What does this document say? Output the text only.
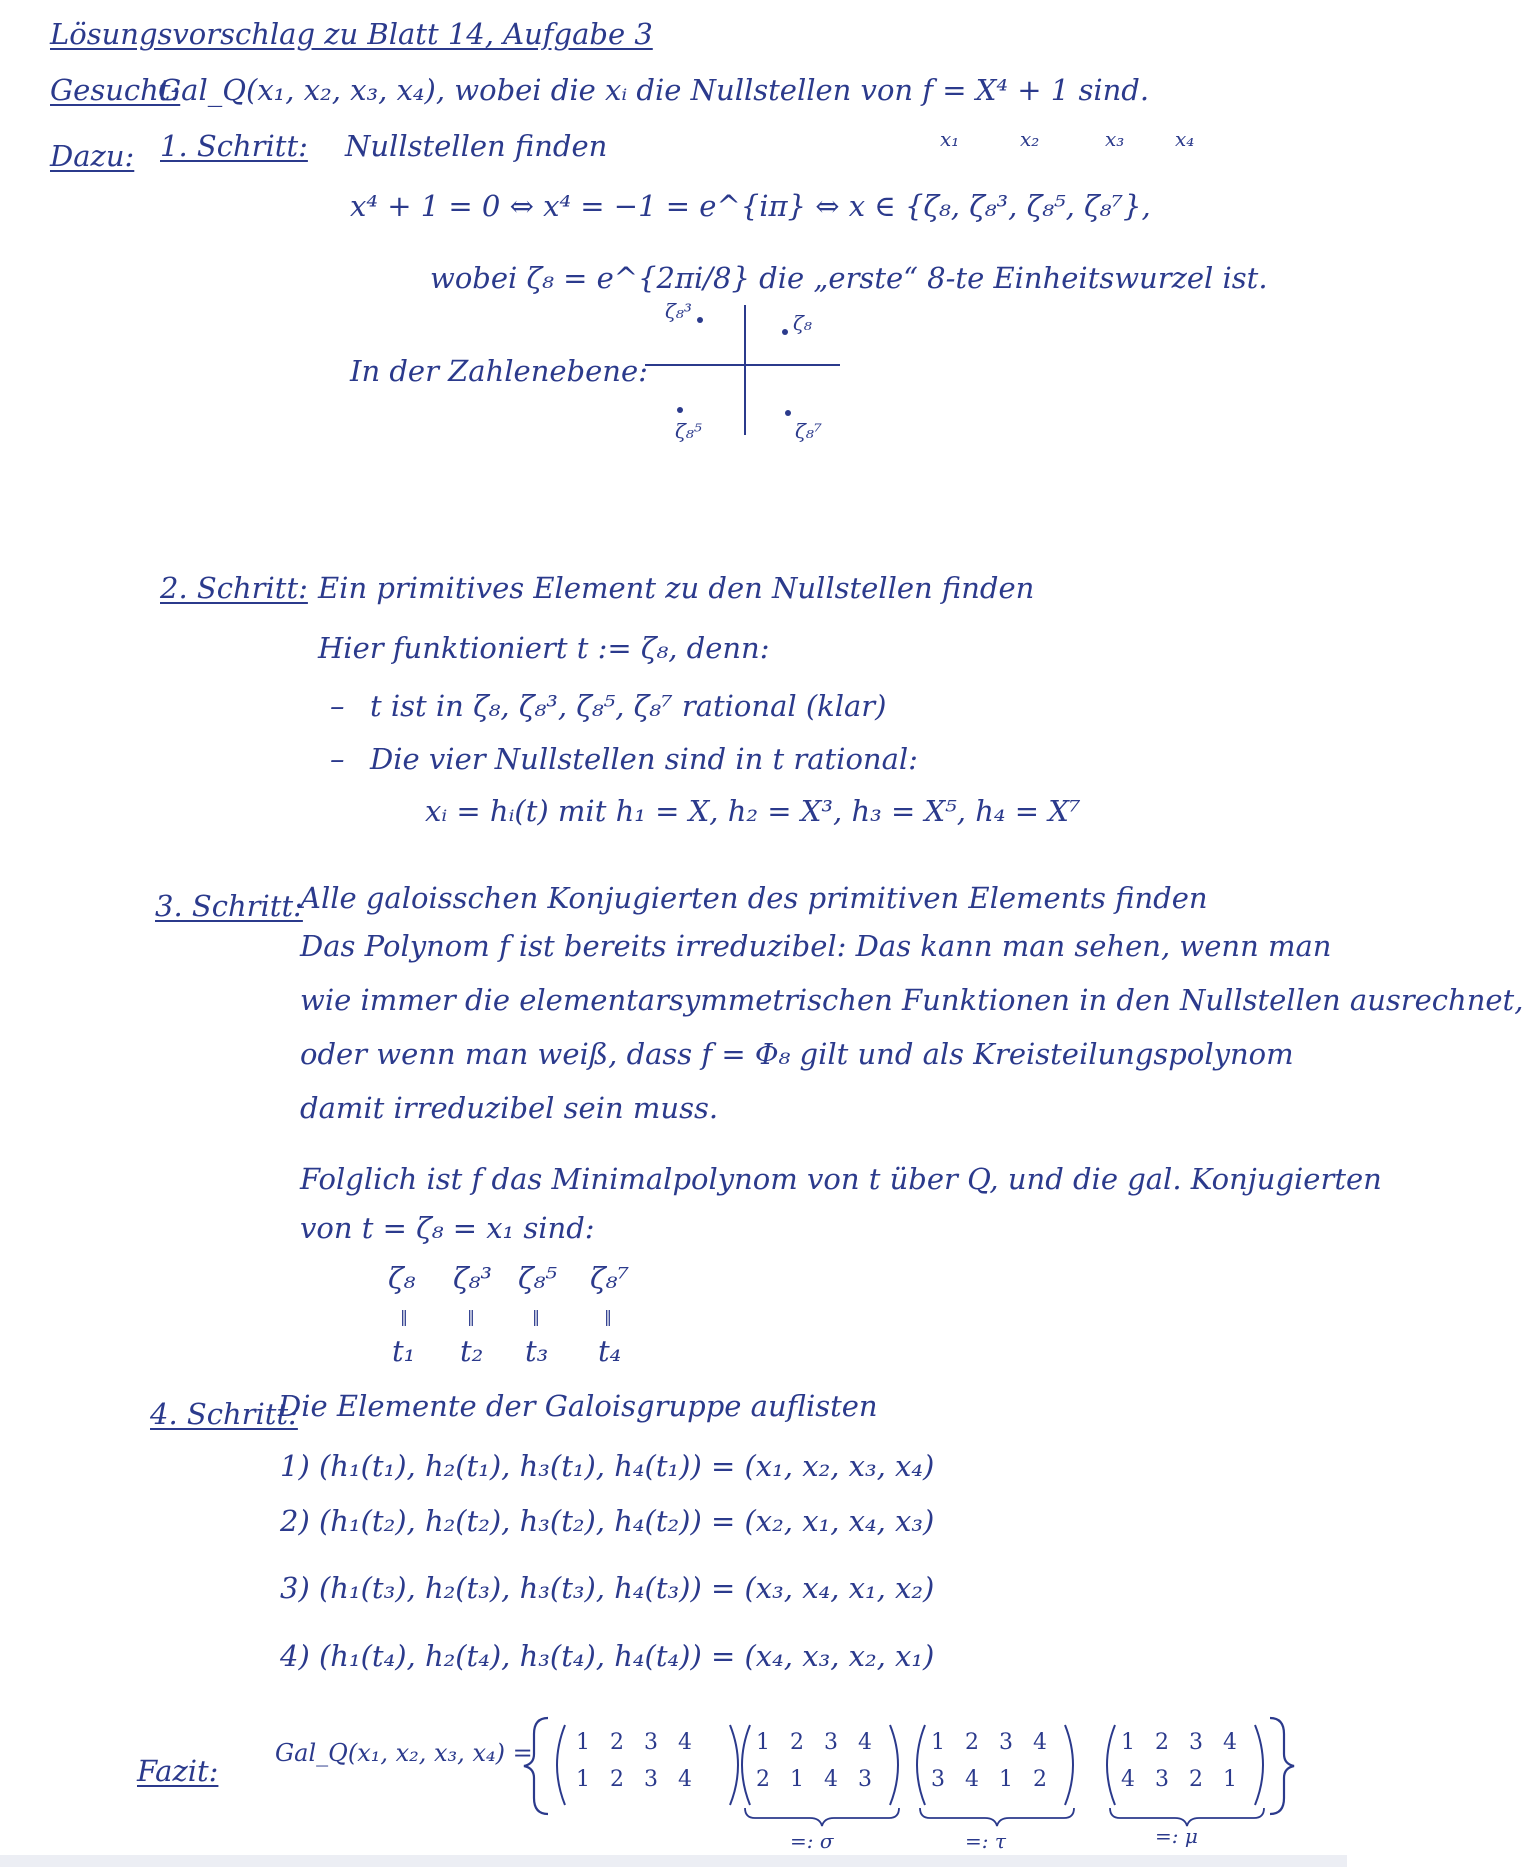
Lösungsvorschlag zu Blatt 14, Aufgabe 3
Gesucht:
Gal_Q(x₁, x₂, x₃, x₄), wobei die xᵢ die Nullstellen von f = X⁴ + 1 sind.
Dazu: 1. Schritt: Nullstellen finden	x₁	x₂	x₃	x₄
x⁴ + 1 = 0 ⇔ x⁴ = −1 = e^{iπ} ⇔ x ∈ {ζ₈, ζ₈³, ζ₈⁵, ζ₈⁷},
wobei ζ₈ = e^{2πi/8} die „erste“ 8-te Einheitswurzel ist.
In der Zahlenebene:
ζ₈³	ζ₈
ζ₈⁵	ζ₈⁷
2. Schritt: Ein primitives Element zu den Nullstellen finden
Hier funktioniert t := ζ₈, denn:
– t ist in ζ₈, ζ₈³, ζ₈⁵, ζ₈⁷ rational (klar)
– Die vier Nullstellen sind in t rational:
xᵢ = hᵢ(t) mit h₁ = X, h₂ = X³, h₃ = X⁵, h₄ = X⁷
3. Schritt:
Alle galoisschen Konjugierten des primitiven Elements finden
Das Polynom f ist bereits irreduzibel: Das kann man sehen, wenn man
wie immer die elementarsymmetrischen Funktionen in den Nullstellen ausrechnet,
oder wenn man weiß, dass f = Φ₈ gilt und als Kreisteilungspolynom
damit irreduzibel sein muss.
Folglich ist f das Minimalpolynom von t über Q, und die gal. Konjugierten
von t = ζ₈ = x₁ sind:
ζ₈ ζ₈³ ζ₈⁵ ζ₈⁷
‖	‖	‖	‖
t₁ t₂ t₃ t₄
4. Schritt:
Die Elemente der Galoisgruppe auflisten
1) (h₁(t₁), h₂(t₁), h₃(t₁), h₄(t₁)) = (x₁, x₂, x₃, x₄)
2) (h₁(t₂), h₂(t₂), h₃(t₂), h₄(t₂)) = (x₂, x₁, x₄, x₃)
3) (h₁(t₃), h₂(t₃), h₃(t₃), h₄(t₃)) = (x₃, x₄, x₁, x₂)
4) (h₁(t₄), h₂(t₄), h₃(t₄), h₄(t₄)) = (x₄, x₃, x₂, x₁)
Fazit:
Gal_Q(x₁, x₂, x₃, x₄) = 1 2 3 4
1 2 3 4
1 2 3 4
2 1 4 3
1 2 3 4
3 4 1 2
1 2 3 4
4 3 2 1
=: σ	=: τ	=: μ
